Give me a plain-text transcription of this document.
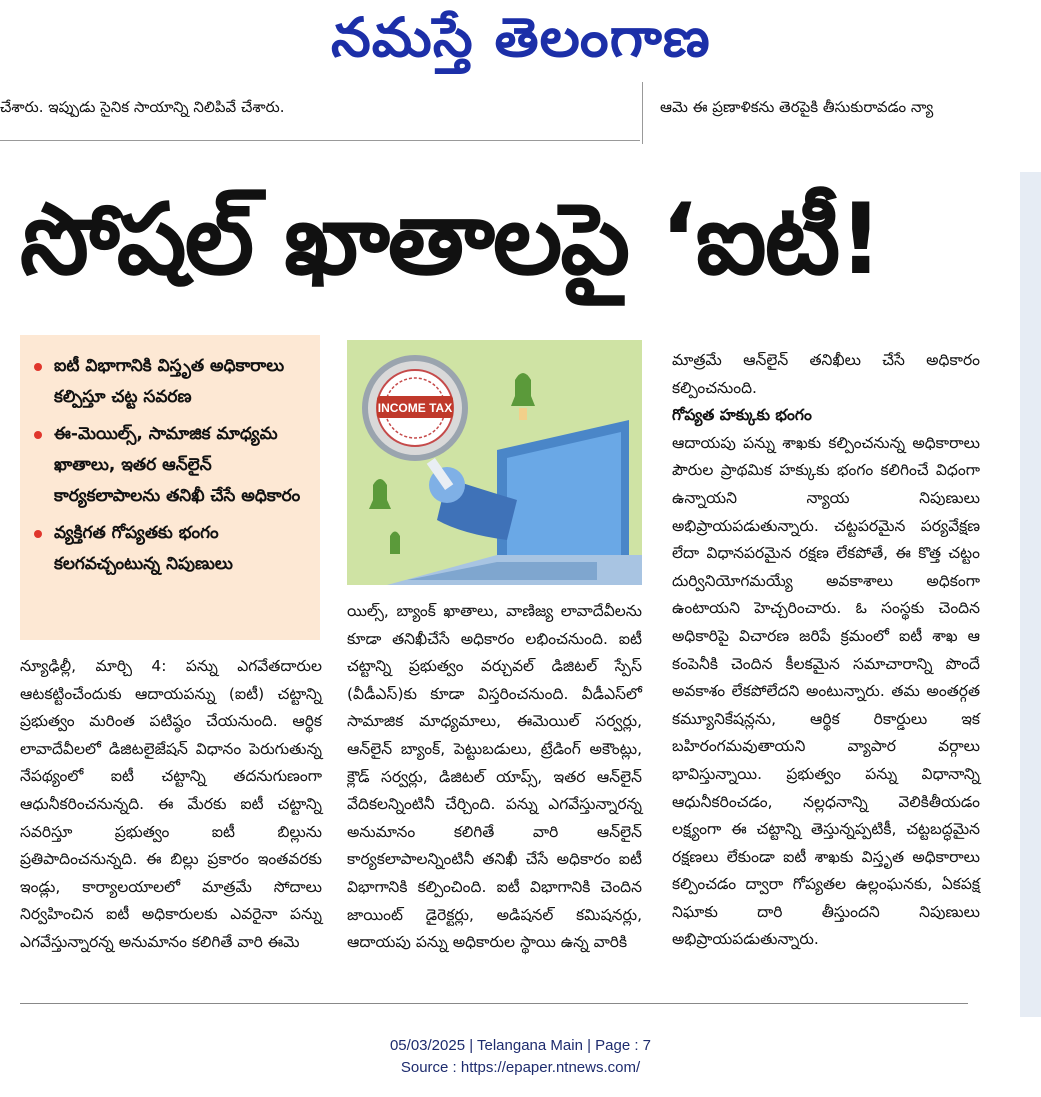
నమస్తే తెలంగాణ
చేశారు. ఇప్పుడు సైనిక సాయాన్ని నిలిపివే చేశారు.	ఆమె ఈ ప్రణాళికను తెరపైకి తీసుకురావడం న్యా
సోషల్ ఖాతాలపై ‘ఐటీ!
ఐటీ విభాగానికి విస్తృత అధికారాలు కల్పిస్తూ చట్ట సవరణ
ఈ-మెయిల్స్, సామాజిక మాధ్యమ ఖాతాలు, ఇతర ఆన్‌లైన్ కార్యకలాపాలను తనిఖీ చేసే అధికారం
వ్యక్తిగత గోప్యతకు భంగం కలగవచ్చంటున్న నిపుణులు
INCOME TAX

న్యూఢిల్లీ, మార్చి 4: పన్ను ఎగవేతదారుల ఆటకట్టించేందుకు ఆదాయపన్ను (ఐటీ) చట్టాన్ని ప్రభుత్వం మరింత పటిష్ఠం చేయనుంది. ఆర్థిక లావాదేవీలలో డిజిటలైజేషన్ విధానం పెరుగుతున్న నేపథ్యంలో ఐటీ చట్టాన్ని తదనుగుణంగా ఆధునీకరించనున్నది. ఈ మేరకు ఐటీ చట్టాన్ని సవరిస్తూ ప్రభుత్వం ఐటీ బిల్లును ప్రతిపాదించనున్నది. ఈ బిల్లు ప్రకారం ఇంతవరకు ఇండ్లు, కార్యాలయాలలో మాత్రమే సోదాలు నిర్వహించిన ఐటీ అధికారులకు ఎవరైనా పన్ను ఎగవేస్తున్నారన్న అనుమానం కలిగితే వారి ఈమె

యిల్స్, బ్యాంక్ ఖాతాలు, వాణిజ్య లావాదేవీలను కూడా తనిఖీచేసే అధికారం లభించనుంది. ఐటీ చట్టాన్ని ప్రభుత్వం వర్చువల్ డిజిటల్ స్పేస్ (వీడీఎస్)కు కూడా విస్తరించనుంది. వీడీఎస్‌లో సామాజిక మాధ్యమాలు, ఈమెయిల్ సర్వర్లు, ఆన్‌లైన్ బ్యాంక్, పెట్టుబడులు, ట్రేడింగ్ అకౌంట్లు, క్లౌడ్ సర్వర్లు, డిజిటల్ యాప్స్, ఇతర ఆన్‌లైన్ వేదికలన్నింటినీ చేర్చింది. పన్ను ఎగవేస్తున్నారన్న అనుమానం కలిగితే వారి ఆన్‌లైన్ కార్యకలాపాలన్నింటినీ తనిఖీ చేసే అధికారం ఐటీ విభాగానికి కల్పించింది. ఐటీ విభాగానికి చెందిన జాయింట్ డైరెక్టర్లు, అడిషనల్ కమిషనర్లు, ఆదాయపు పన్ను అధికారుల స్థాయి ఉన్న వారికి

మాత్రమే ఆన్‌లైన్ తనిఖీలు చేసే అధికారం కల్పించనుంది.

గోప్యత హక్కుకు భంగం

ఆదాయపు పన్ను శాఖకు కల్పించనున్న అధికారాలు పౌరుల ప్రాథమిక హక్కుకు భంగం కలిగించే విధంగా ఉన్నాయని న్యాయ నిపుణులు అభిప్రాయపడుతున్నారు. చట్టపరమైన పర్యవేక్షణ లేదా విధానపరమైన రక్షణ లేకపోతే, ఈ కొత్త చట్టం దుర్వినియోగమయ్యే అవకాశాలు అధికంగా ఉంటాయని హెచ్చరించారు. ఓ సంస్థకు చెందిన అధికారిపై విచారణ జరిపే క్రమంలో ఐటీ శాఖ ఆ కంపెనీకి చెందిన కీలకమైన సమాచారాన్ని పొందే అవకాశం లేకపోలేదని అంటున్నారు. తమ అంతర్గత కమ్యూనికేషన్లను, ఆర్థిక రికార్డులు ఇక బహిరంగమవుతాయని వ్యాపార వర్గాలు భావిస్తున్నాయి. ప్రభుత్వం పన్ను విధానాన్ని ఆధునీకరించడం, నల్లధనాన్ని వెలికితీయడం లక్ష్యంగా ఈ చట్టాన్ని తెస్తున్నప్పటికీ, చట్టబద్ధమైన రక్షణలు లేకుండా ఐటీ శాఖకు విస్తృత అధికారాలు కల్పించడం ద్వారా గోప్యతల ఉల్లంఘనకు, ఏకపక్ష నిఘాకు దారి తీస్తుందని నిపుణులు అభిప్రాయపడుతున్నారు.

05/03/2025 | Telangana Main | Page : 7
Source : https://epaper.ntnews.com/
